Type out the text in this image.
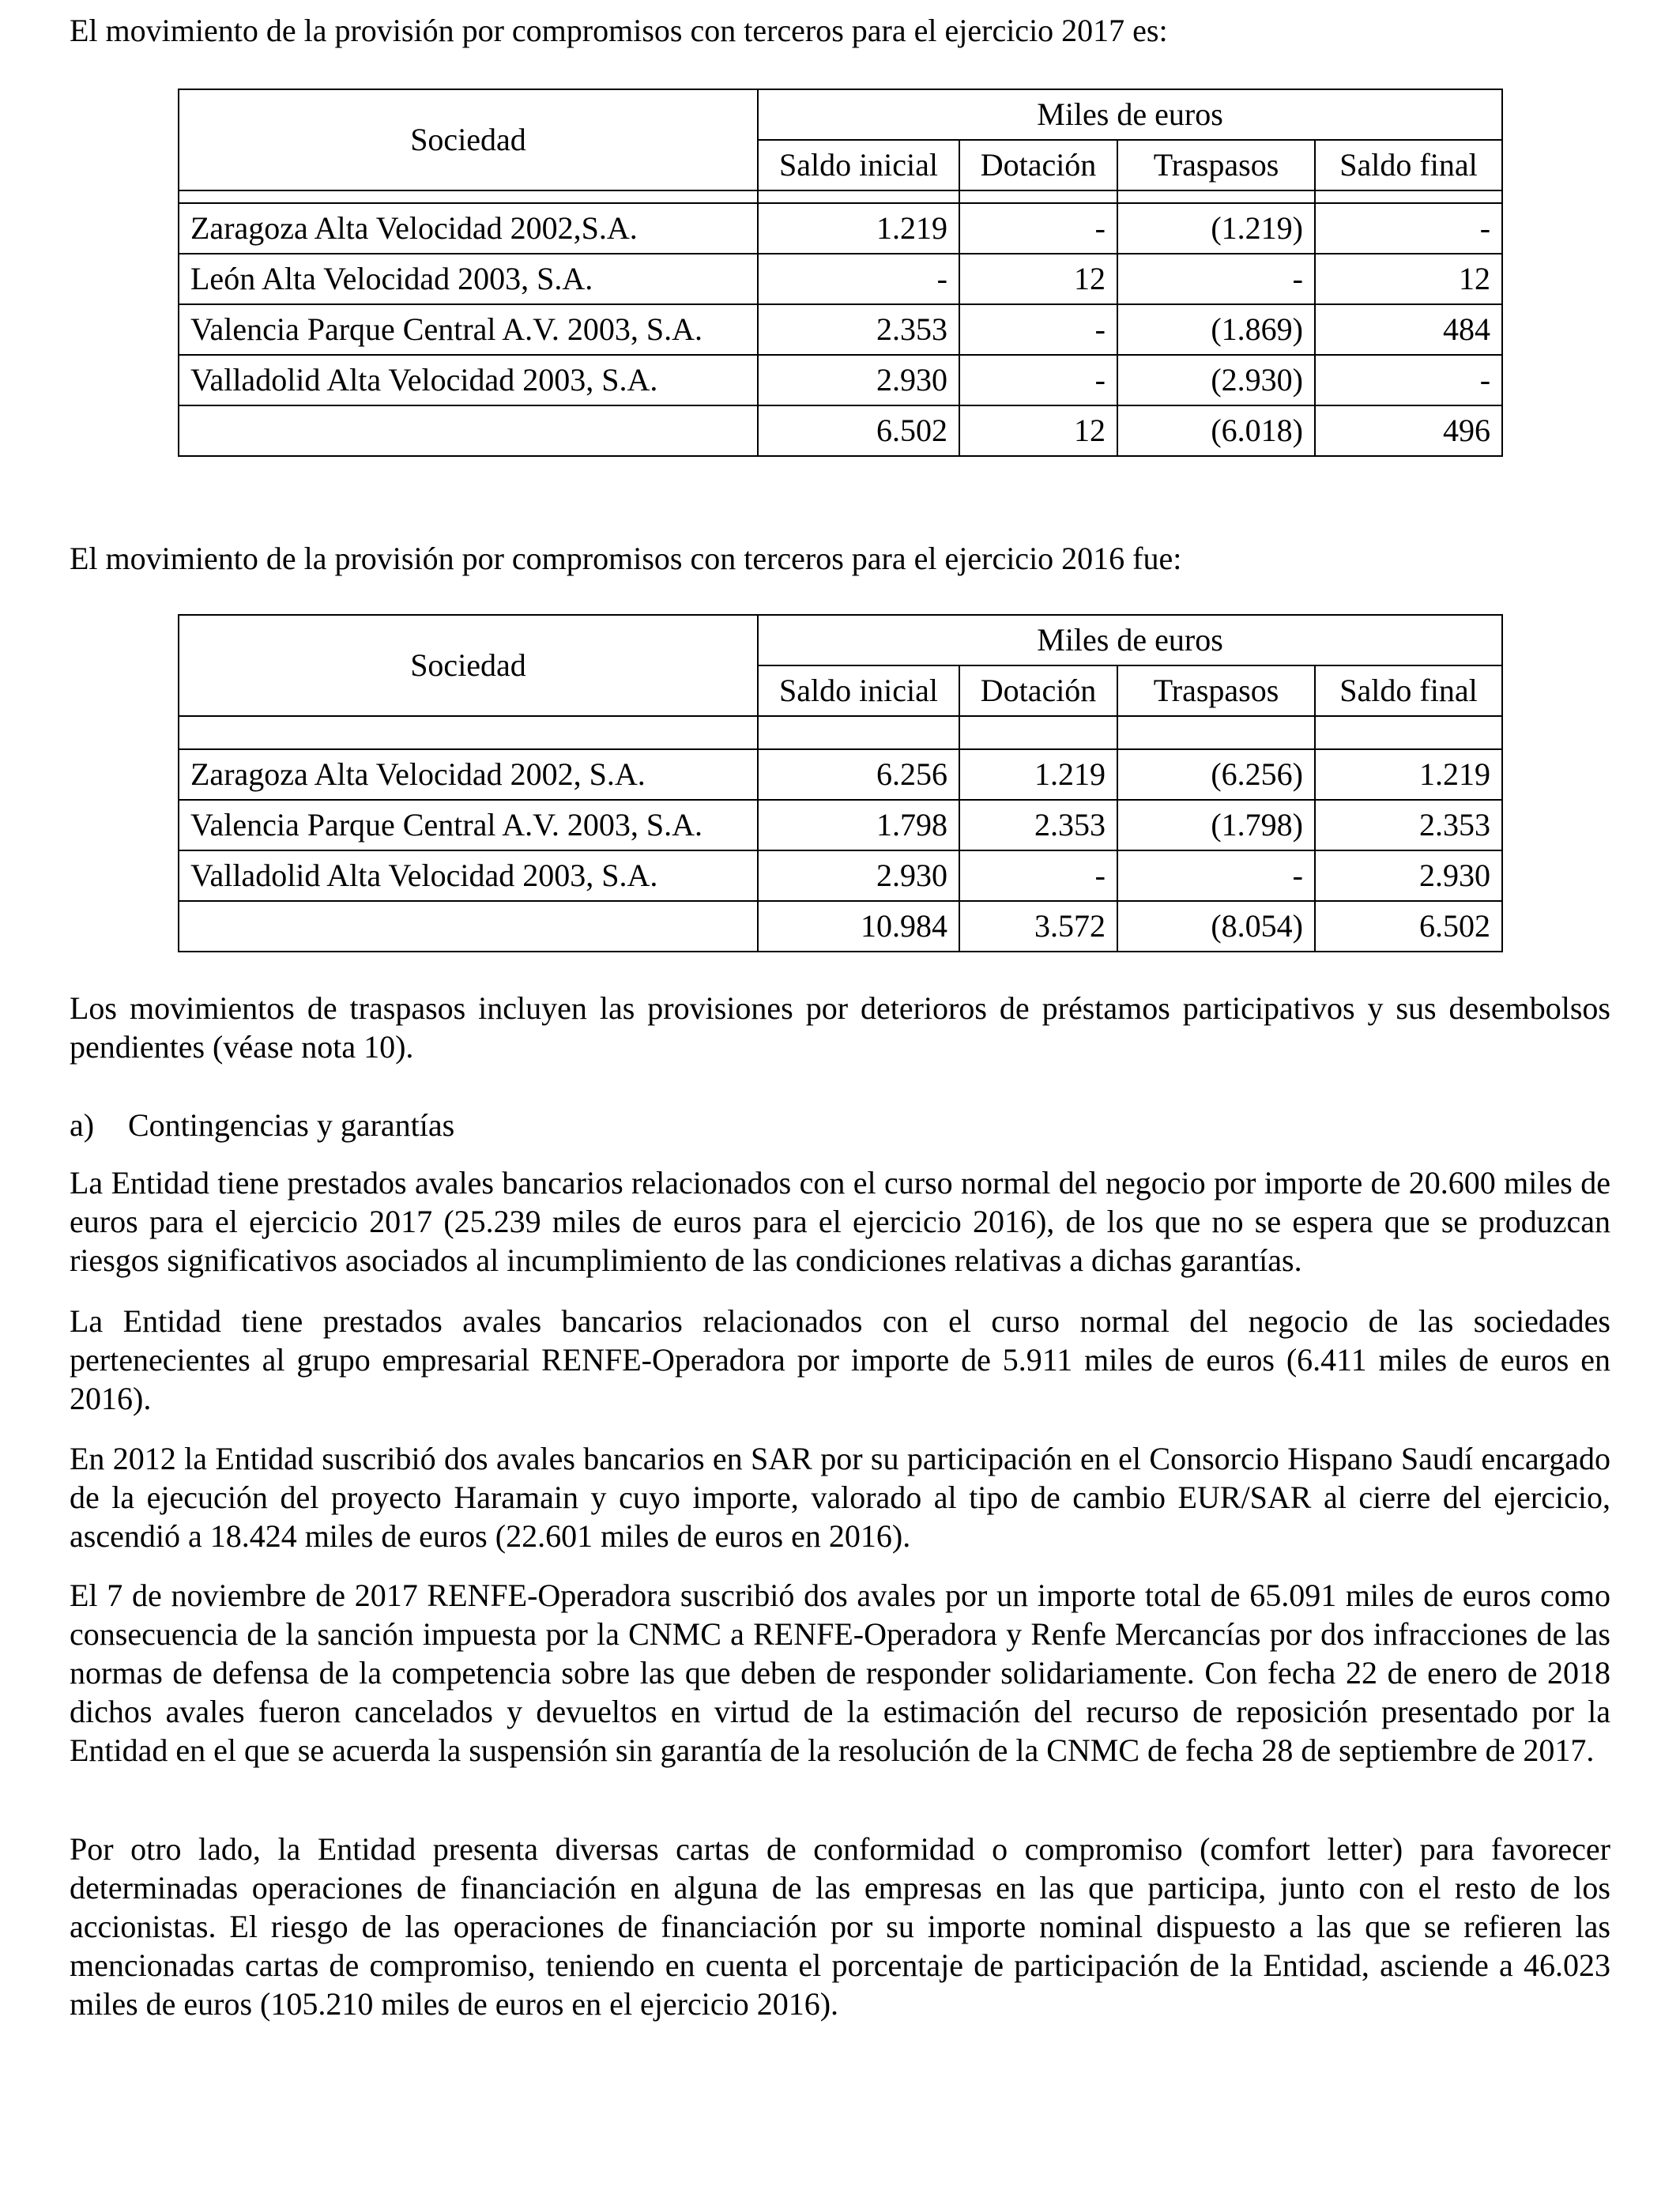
El movimiento de la provisión por compromisos con terceros para el ejercicio 2017 es:

Sociedad	Miles de euros			
	Saldo inicial	Dotación	Traspasos	Saldo final

Zaragoza Alta Velocidad 2002,S.A.	1.219	-	(1.219)	-
León Alta Velocidad 2003, S.A.	-	12	-	12
Valencia Parque Central A.V. 2003, S.A.	2.353	-	(1.869)	484
Valladolid Alta Velocidad 2003, S.A.	2.930	-	(2.930)	-
	6.502	12	(6.018)	496

El movimiento de la provisión por compromisos con terceros para el ejercicio 2016 fue:

Sociedad	Miles de euros			
	Saldo inicial	Dotación	Traspasos	Saldo final

Zaragoza Alta Velocidad 2002, S.A.	6.256	1.219	(6.256)	1.219
Valencia Parque Central A.V. 2003, S.A.	1.798	2.353	(1.798)	2.353
Valladolid Alta Velocidad 2003, S.A.	2.930	-	-	2.930
	10.984	3.572	(8.054)	6.502

Los movimientos de traspasos incluyen las provisiones por deterioros de préstamos participativos y sus desembolsos pendientes (véase nota 10).

a) Contingencias y garantías

La Entidad tiene prestados avales bancarios relacionados con el curso normal del negocio por importe de 20.600 miles de euros para el ejercicio 2017 (25.239 miles de euros para el ejercicio 2016), de los que no se espera que se produzcan riesgos significativos asociados al incumplimiento de las condiciones relativas a dichas garantías.

La Entidad tiene prestados avales bancarios relacionados con el curso normal del negocio de las sociedades pertenecientes al grupo empresarial RENFE-Operadora por importe de 5.911 miles de euros (6.411 miles de euros en 2016).

En 2012 la Entidad suscribió dos avales bancarios en SAR por su participación en el Consorcio Hispano Saudí encargado de la ejecución del proyecto Haramain y cuyo importe, valorado al tipo de cambio EUR/SAR al cierre del ejercicio, ascendió a 18.424 miles de euros (22.601 miles de euros en 2016).

El 7 de noviembre de 2017 RENFE-Operadora suscribió dos avales por un importe total de 65.091 miles de euros como consecuencia de la sanción impuesta por la CNMC a RENFE-Operadora y Renfe Mercancías por dos infracciones de las normas de defensa de la competencia sobre las que deben de responder solidariamente. Con fecha 22 de enero de 2018 dichos avales fueron cancelados y devueltos en virtud de la estimación del recurso de reposición presentado por la Entidad en el que se acuerda la suspensión sin garantía de la resolución de la CNMC de fecha 28 de septiembre de 2017.

Por otro lado, la Entidad presenta diversas cartas de conformidad o compromiso (comfort letter) para favorecer determinadas operaciones de financiación en alguna de las empresas en las que participa, junto con el resto de los accionistas. El riesgo de las operaciones de financiación por su importe nominal dispuesto a las que se refieren las mencionadas cartas de compromiso, teniendo en cuenta el porcentaje de participación de la Entidad, asciende a 46.023 miles de euros (105.210 miles de euros en el ejercicio 2016).
